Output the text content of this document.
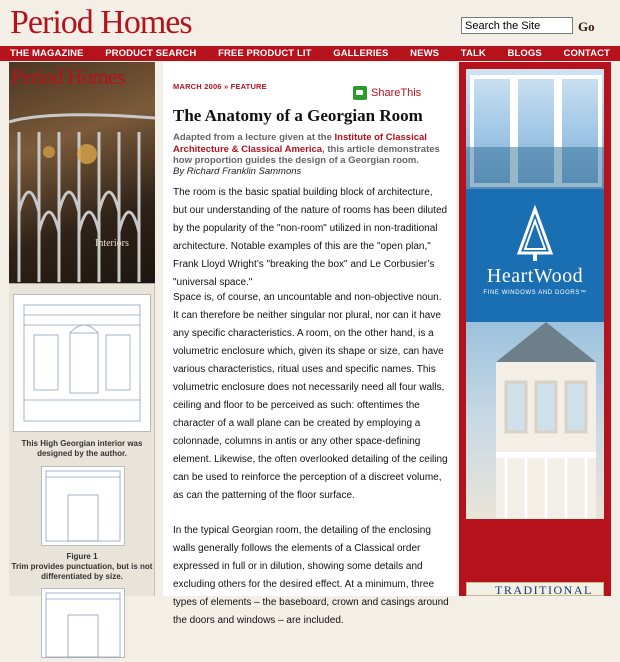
Period Homes
Search the Site	Go
THE MAGAZINE PRODUCT SEARCH FREE PRODUCT LIT GALLERIES NEWS TALK BLOGS CONTACT
Period Homes
Interiors
This High Georgian interior was designed by the author.
Figure 1
Trim provides punctuation, but is not differentiated by size.
MARCH 2006 » FEATURE
ShareThis
The Anatomy of a Georgian Room
Adapted from a lecture given at the Institute of Classical Architecture & Classical America, this article demonstrates how proportion guides the design of a Georgian room.
By Richard Franklin Sammons

The room is the basic spatial building block of architecture, but our understanding of the nature of rooms has been diluted by the popularity of the "non-room" utilized in non-traditional architecture. Notable examples of this are the "open plan," Frank Lloyd Wright’s "breaking the box" and Le Corbusier’s "universal space."

Space is, of course, an uncountable and non-objective noun. It can therefore be neither singular nor plural, nor can it have any specific characteristics. A room, on the other hand, is a volumetric enclosure which, given its shape or size, can have various characteristics, ritual uses and specific names. This volumetric enclosure does not necessarily need all four walls, ceiling and floor to be perceived as such: oftentimes the character of a wall plane can be created by employing a colonnade, columns in antis or any other space-defining element. Likewise, the often overlooked detailing of the ceiling can be used to reinforce the perception of a discreet volume, as can the patterning of the floor surface.

In the typical Georgian room, the detailing of the enclosing walls generally follows the elements of a Classical order expressed in full or in dilution, showing some details and excluding others for the desired effect. At a minimum, three types of elements – the baseboard, crown and casings around the doors and windows – are included.

HeartWood
FINE WINDOWS AND DOORS™
TRADITIONAL
